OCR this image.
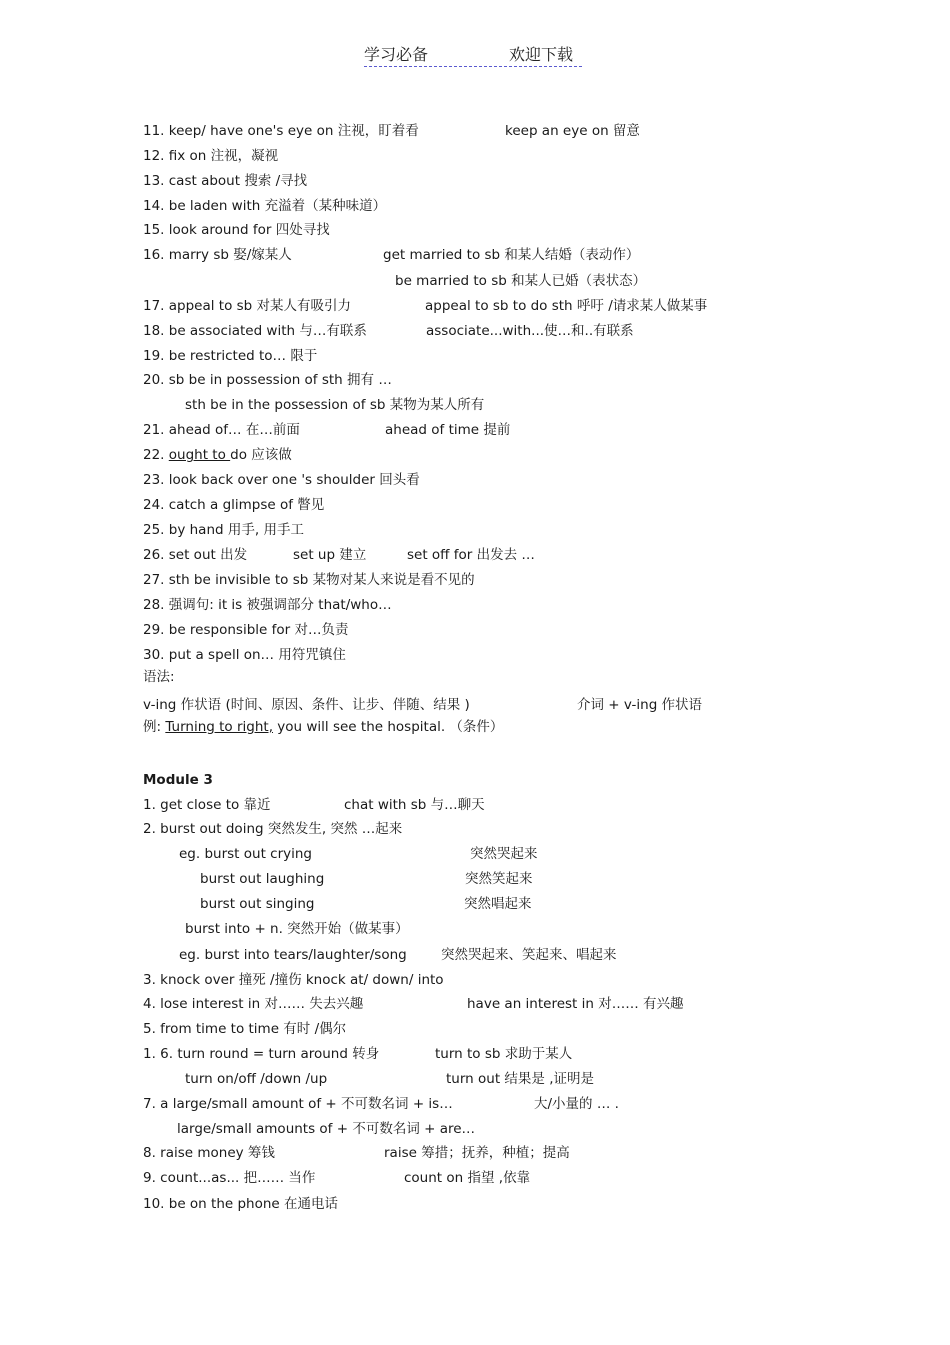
学习必备	欢迎下载
11. keep/ have one's eye on 注视，盯着看	keep an eye on 留意
12. fix on 注视，凝视
13. cast about 搜索 /寻找
14. be laden with 充溢着（某种味道）
15. look around for 四处寻找
16. marry sb 娶/嫁某人	get married to sb 和某人结婚（表动作）
be married to sb 和某人已婚（表状态）
17. appeal to sb 对某人有吸引力	appeal to sb to do sth 呼吁 /请求某人做某事
18. be associated with 与…有联系	associate...with...使…和..有联系
19. be restricted to… 限于
20. sb be in possession of sth 拥有 …
sth be in the possession of sb 某物为某人所有
21. ahead of… 在…前面	ahead of time 提前
22. ought to do 应该做
23. look back over one 's shoulder 回头看
24. catch a glimpse of 瞥见
25. by hand 用手, 用手工
26. set out 出发	set up 建立	set off for 出发去 …
27. sth be invisible to sb 某物对某人来说是看不见的
28. 强调句: it is 被强调部分 that/who…
29. be responsible for 对…负责
30. put a spell on… 用符咒镇住
语法:
v-ing 作状语 (时间、原因、条件、让步、伴随、结果 )	介词 + v-ing 作状语
例: Turning to right, you will see the hospital. （条件）
Module 3
1. get close to 靠近	chat with sb 与…聊天
2. burst out doing 突然发生, 突然 …起来
eg. burst out crying	突然哭起来
burst out laughing	突然笑起来
burst out singing	突然唱起来
burst into + n. 突然开始（做某事）
eg. burst into tears/laughter/song	突然哭起来、笑起来、唱起来
3. knock over 撞死 /撞伤 knock at/ down/ into
4. lose interest in 对…… 失去兴趣	have an interest in 对…… 有兴趣
5. from time to time 有时 /偶尔
1. 6. turn round = turn around 转身	turn to sb 求助于某人
turn on/off /down /up	turn out 结果是 ,证明是
7. a large/small amount of + 不可数名词 + is…	大/小量的 … .
large/small amounts of + 不可数名词 + are…
8. raise money 筹钱	raise 筹措；抚养，种植；提高
9. count...as... 把…… 当作	count on 指望 ,依靠
10. be on the phone 在通电话
